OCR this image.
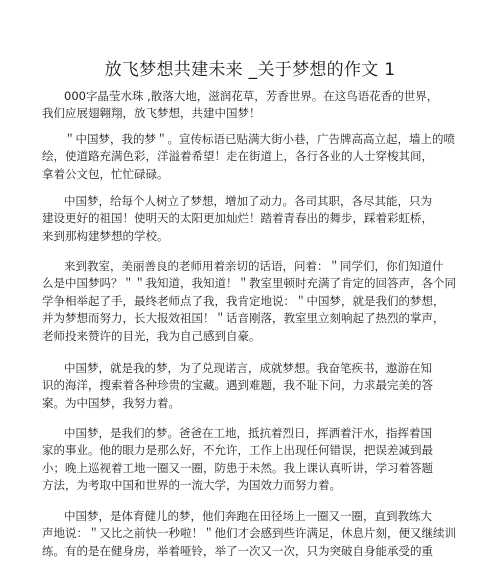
放飞梦想共建未来 _关于梦想的作文 1
000字晶莹水珠 ,散落大地，滋润花草，芳香世界。在这鸟语花香的世界，
我们应展翅翱翔，放飞梦想，共建中国梦！
＂中国梦，我的梦＂。宣传标语已贴满大街小巷，广告牌高高立起，墙上的喷
绘，使道路充满色彩，洋溢着希望！走在街道上，各行各业的人士穿梭其间，
拿着公文包，忙忙碌碌。
中国梦，给每个人树立了梦想，增加了动力。各司其职，各尽其能，只为
建设更好的祖国！使明天的太阳更加灿烂！踏着青春出的舞步，踩着彩虹桥，
来到那构建梦想的学校。
来到教室，美丽善良的老师用着亲切的话语，问着：＂同学们，你们知道什
么是中国梦吗？＂＂我知道，我知道！＂教室里顿时充满了肯定的回答声，各个同
学争相举起了手，最终老师点了我，我肯定地说：＂中国梦，就是我们的梦想，
并为梦想而努力，长大报效祖国！＂话音刚落，教室里立刻响起了热烈的掌声，
老师投来赞许的目光，我为自己感到自豪。
中国梦，就是我的梦，为了兑现诺言，成就梦想。我奋笔疾书，遨游在知
识的海洋，搜索着各种珍贵的宝藏。遇到难题，我不耻下问，力求最完美的答
案。为中国梦，我努力着。
中国梦，是我们的梦。爸爸在工地，抵抗着烈日，挥洒着汗水，指挥着国
家的事业。他的眼力是那么好，不允许，工作上出现任何错误，把误差减到最
小；晚上巡视着工地一圈又一圈，防患于未然。我上课认真听讲，学习着答题
方法，为考取中国和世界的一流大学，为国效力而努力着。
中国梦，是体育健儿的梦，他们奔跑在田径场上一圈又一圈，直到教练大
声地说：＂又比之前快一秒啦！＂他们才会感到些许满足，休息片刻，便又继续训
练。有的是在健身房，举着哑铃，举了一次又一次，只为突破自身能承受的重
